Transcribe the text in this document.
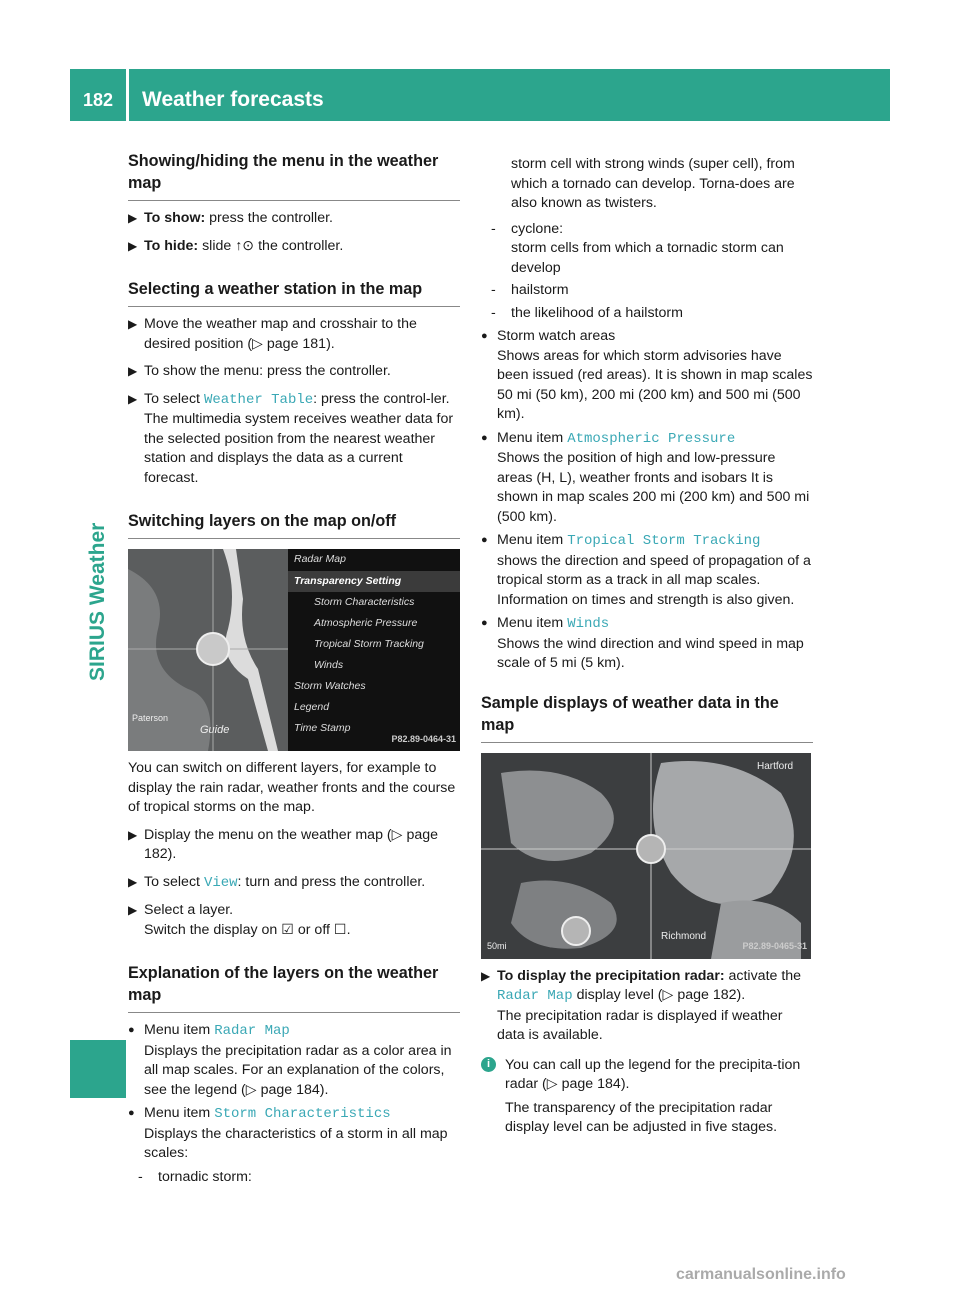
182	Weather forecasts
SIRIUS Weather
Showing/hiding the menu in the weather map
▶ To show: press the controller.
▶ To hide: slide ↑⊙ the controller.
Selecting a weather station in the map
▶ Move the weather map and crosshair to the desired position (▷ page 181).
▶ To show the menu: press the controller.
▶ To select Weather Table: press the control-ler.
The multimedia system receives weather data for the selected position from the nearest weather station and displays the data as a current forecast.
Switching layers on the map on/off
Radar Map
Transparency Setting
Storm Characteristics
Atmospheric Pressure
Tropical Storm Tracking
Winds
Storm Watches
Legend
Time Stamp
Paterson
Guide
P82.89-0464-31
You can switch on different layers, for example to display the rain radar, weather fronts and the course of tropical storms on the map.
▶ Display the menu on the weather map (▷ page 182).
▶ To select View: turn and press the controller.
▶ Select a layer.
Switch the display on ☑ or off ☐.
Explanation of the layers on the weather map
● Menu item Radar Map
Displays the precipitation radar as a color area in all map scales. For an explanation of the colors, see the legend (▷ page 184).
● Menu item Storm Characteristics
Displays the characteristics of a storm in all map scales:
- tornadic storm:
storm cell with strong winds (super cell), from which a tornado can develop. Torna-does are also known as twisters.
- cyclone:
storm cells from which a tornadic storm can develop
- hailstorm
- the likelihood of a hailstorm
● Storm watch areas
Shows areas for which storm advisories have been issued (red areas). It is shown in map scales 50 mi (50 km), 200 mi (200 km) and 500 mi (500 km).
● Menu item Atmospheric Pressure
Shows the position of high and low-pressure areas (H, L), weather fronts and isobars It is shown in map scales 200 mi (200 km) and 500 mi (500 km).
● Menu item Tropical Storm Tracking
shows the direction and speed of propagation of a tropical storm as a track in all map scales. Information on times and strength is also given.
● Menu item Winds
Shows the wind direction and wind speed in map scale of 5 mi (5 km).
Sample displays of weather data in the map
50mi
Richmond
Hartford
P82.89-0465-31
▶ To display the precipitation radar: activate the Radar Map display level (▷ page 182).
The precipitation radar is displayed if weather data is available.
i	You can call up the legend for the precipita-tion radar (▷ page 184).
The transparency of the precipitation radar display level can be adjusted in five stages.
carmanualsonline.info
